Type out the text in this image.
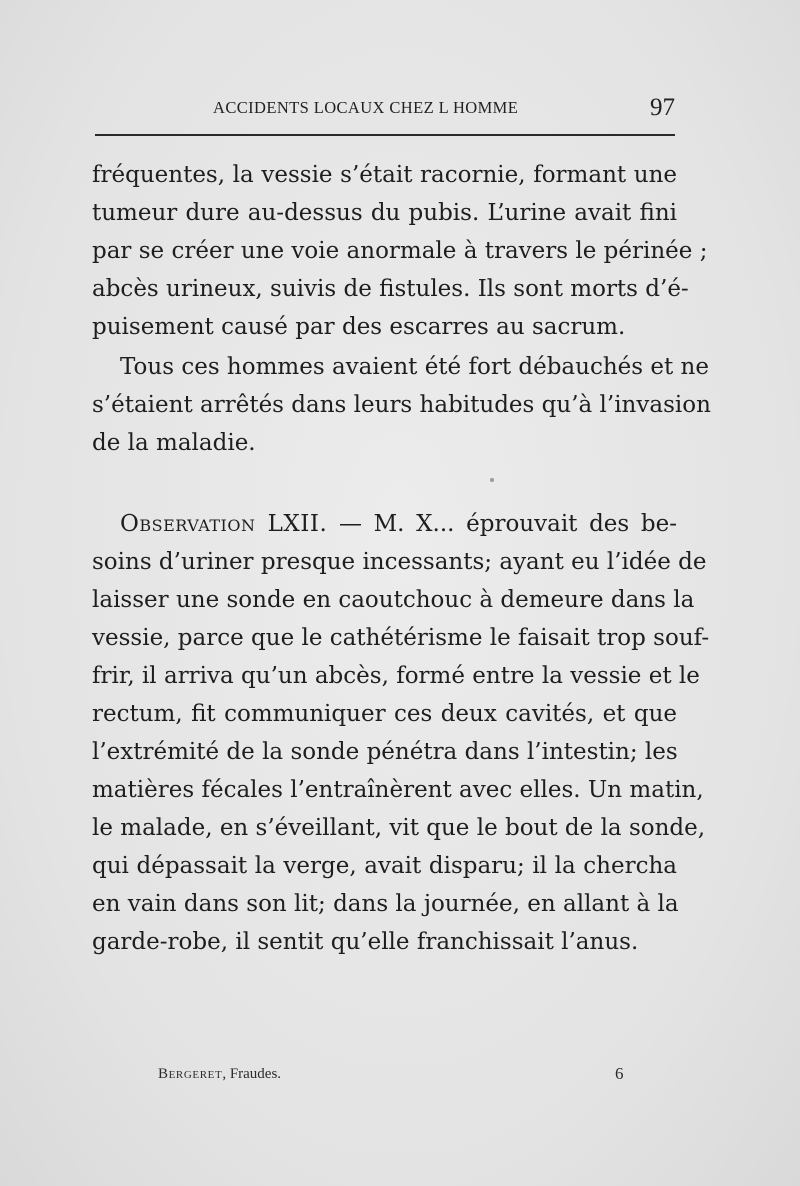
ACCIDENTS LOCAUX CHEZ L HOMME	97
fréquentes, la vessie s’était racornie, formant une
tumeur dure au-dessus du pubis. L’urine avait fini
par se créer une voie anormale à travers le périnée ;
abcès urineux, suivis de fistules. Ils sont morts d’é-
puisement causé par des escarres au sacrum.
Tous ces hommes avaient été fort débauchés et ne
s’étaient arrêtés dans leurs habitudes qu’à l’invasion
de la maladie.
Observation LXII. — M. X... éprouvait des be-
soins d’uriner presque incessants; ayant eu l’idée de
laisser une sonde en caoutchouc à demeure dans la
vessie, parce que le cathétérisme le faisait trop souf-
frir, il arriva qu’un abcès, formé entre la vessie et le
rectum, fit communiquer ces deux cavités, et que
l’extrémité de la sonde pénétra dans l’intestin; les
matières fécales l’entraînèrent avec elles. Un matin,
le malade, en s’éveillant, vit que le bout de la sonde,
qui dépassait la verge, avait disparu; il la chercha
en vain dans son lit; dans la journée, en allant à la
garde-robe, il sentit qu’elle franchissait l’anus.
Bergeret, Fraudes.	6
